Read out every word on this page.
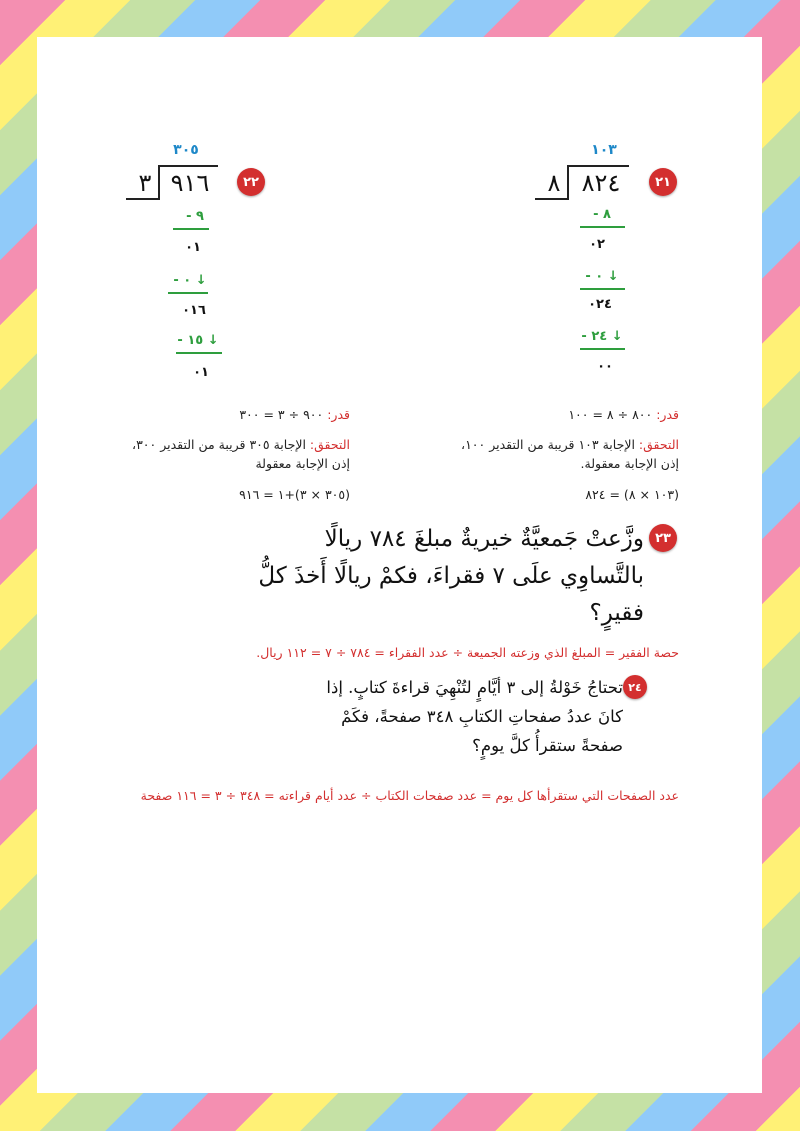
٢١
١٠٣
٨ ٨٢٤
- ٨
٠٢
- ٠ ↓
٠٢٤
- ٢٤ ↓
٠٠
قدر: ٨٠٠ ÷ ٨ = ١٠٠
التحقق: الإجابة ١٠٣ قريبة من التقدير ١٠٠،
إذن الإجابة معقولة.
(١٠٣ × ٨) = ٨٢٤
٢٢
٣٠٥
٣ ٩١٦
- ٩
٠١
- ٠ ↓
٠١٦
- ١٥ ↓
٠١
قدر: ٩٠٠ ÷ ٣ = ٣٠٠
التحقق: الإجابة ٣٠٥ قريبة من التقدير ٣٠٠،
إذن الإجابة معقولة
(٣٠٥ × ٣)+١ = ٩١٦
٢٣
وزَّعتْ جَمعيَّةٌ خيريةٌ مبلغَ ٧٨٤ ريالًا
بالتَّساوِي علَى ٧ فقراءَ، فكمْ ريالًا أَخذَ كلُّ
فقيرٍ؟
حصة الفقير = المبلغ الذي وزعته الجميعة ÷ عدد الفقراء = ٧٨٤ ÷ ٧ = ١١٢ ريال.
٢٤
تحتاجُ خَوْلةُ إلى ٣ أيَّامٍ لتُنْهِيَ قراءةَ كتابٍ. إذا
كانَ عددُ صفحاتِ الكتابِ ٣٤٨ صفحةً، فكَمْ
صفحةً ستقرأُ كلَّ يومٍ؟
عدد الصفحات التي ستقرأها كل يوم = عدد صفحات الكتاب ÷ عدد أيام قراءته = ٣٤٨ ÷ ٣ = ١١٦ صفحة
